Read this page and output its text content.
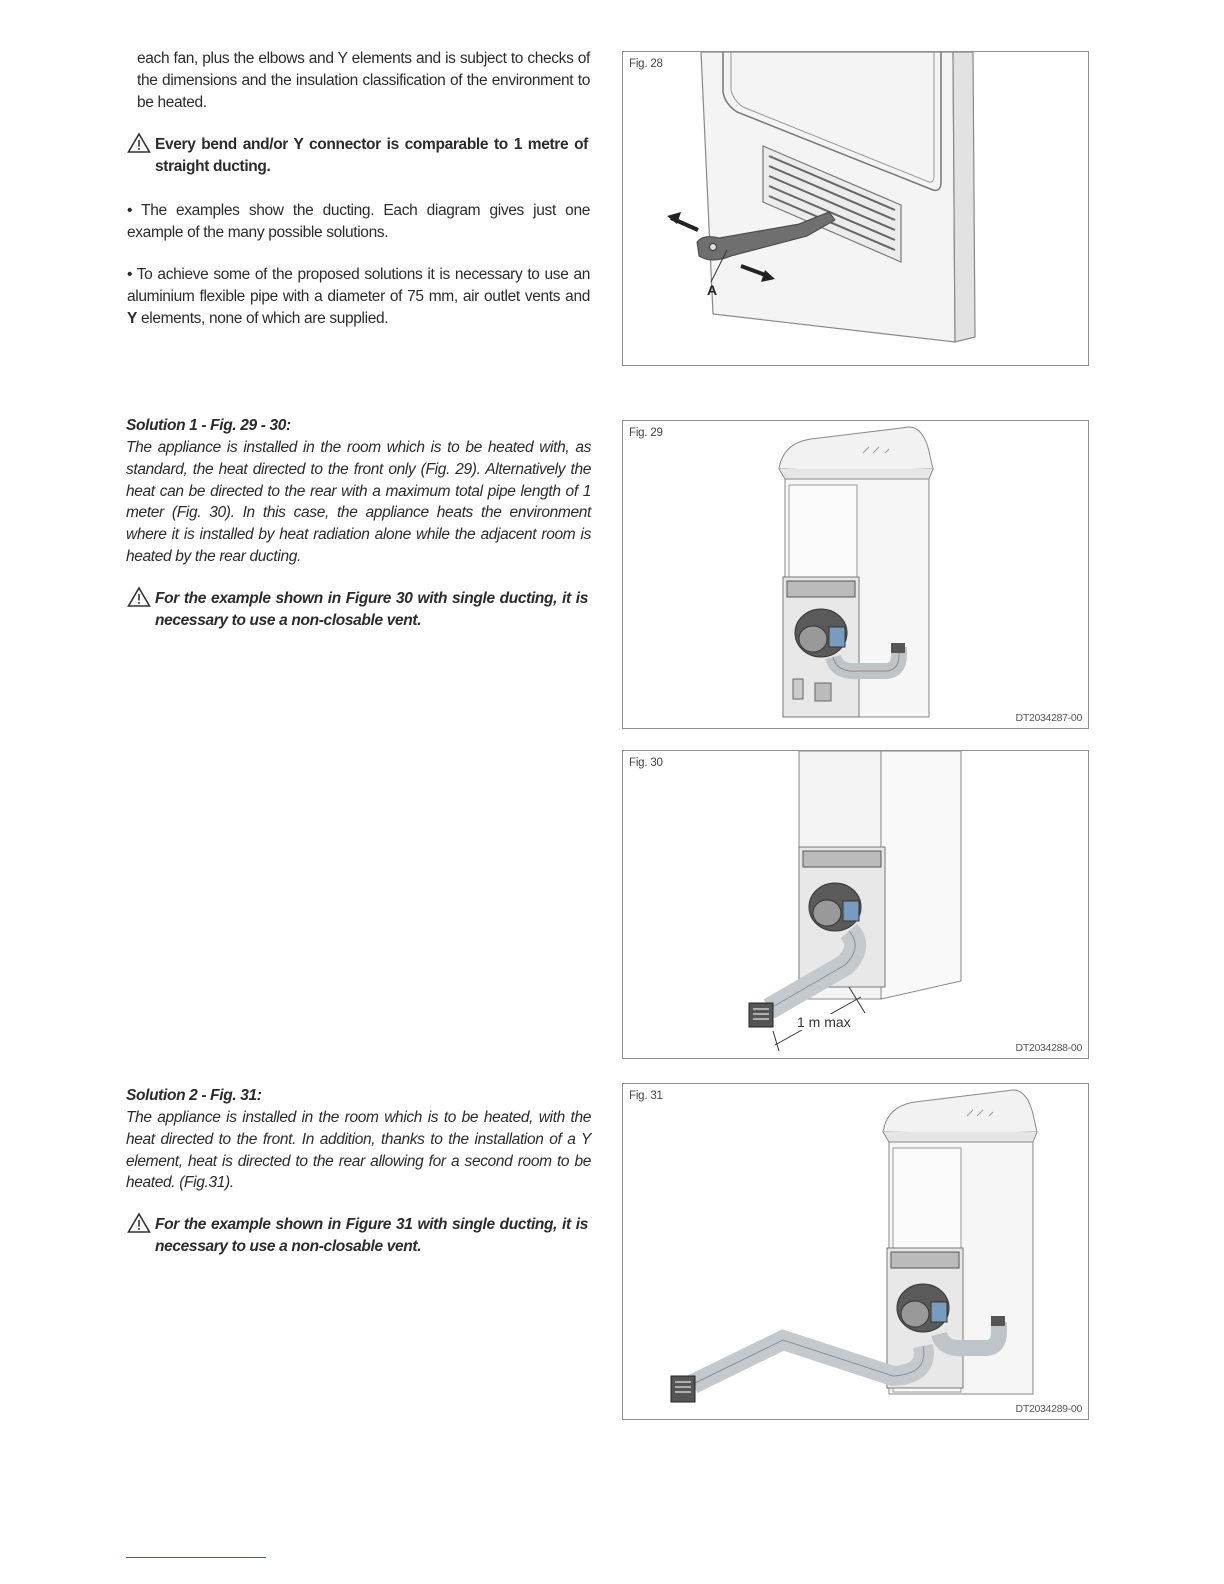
each fan, plus the elbows and Y elements and is subject to checks of the dimensions and the insulation classification of the environment to be heated.
Every bend and/or Y connector is comparable to 1 metre of straight ducting.
• The examples show the ducting. Each diagram gives just one example of the many possible solutions.
• To achieve some of the proposed solutions it is necessary to use an aluminium flexible pipe with a diameter of 75 mm, air outlet vents and Y elements, none of which are supplied.
Solution 1 - Fig. 29 - 30:
The appliance is installed in the room which is to be heated with, as standard, the heat directed to the front only (Fig. 29). Alternatively the heat can be directed to the rear with a maximum total pipe length of 1 meter (Fig. 30). In this case, the appliance heats the environment where it is installed by heat radiation alone while the adjacent room is heated by the rear ducting.
For the example shown in Figure 30 with single ducting, it is necessary to use a non-closable vent.
Solution 2 - Fig. 31:
The appliance is installed in the room which is to be heated, with the heat directed to the front. In addition, thanks to the installation of a Y element, heat is directed to the rear allowing for a second room to be heated. (Fig.31).
For the example shown in Figure 31 with single ducting, it is necessary to use a non-closable vent.
Fig. 28
A
Fig. 29
DT2034287-00
Fig. 30
1 m max
DT2034288-00
Fig. 31
DT2034289-00
